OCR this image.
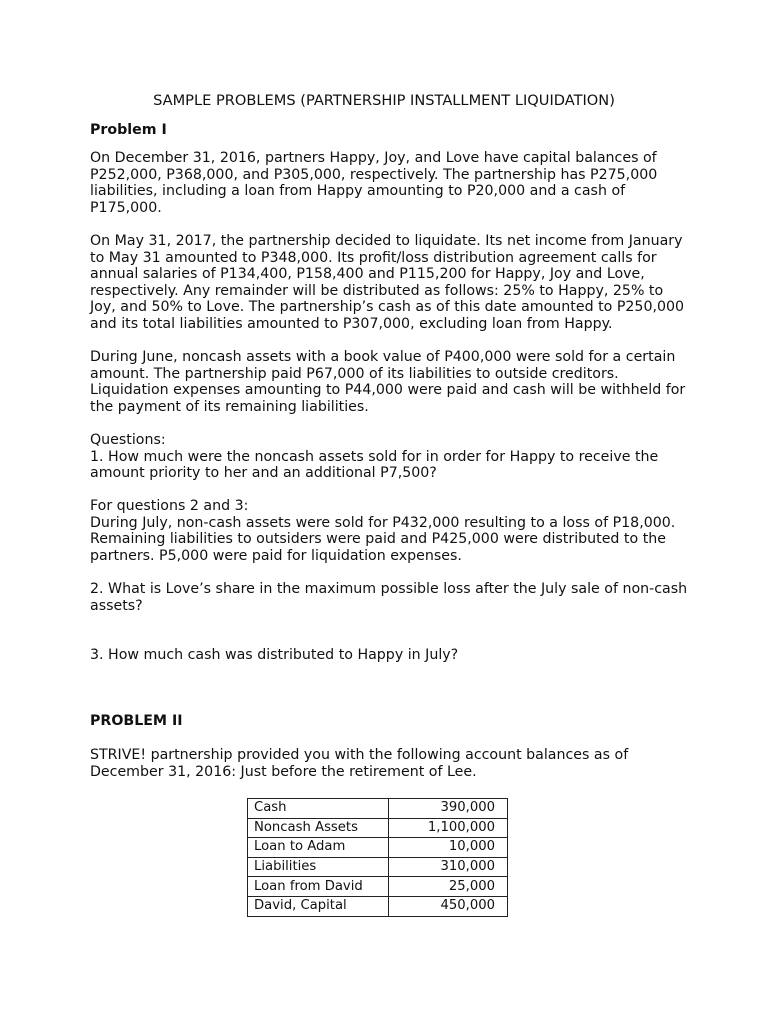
SAMPLE PROBLEMS (PARTNERSHIP INSTALLMENT LIQUIDATION)
Problem I

On December 31, 2016, partners Happy, Joy, and Love have capital balances of
P252,000, P368,000, and P305,000, respectively. The partnership has P275,000
liabilities, including a loan from Happy amounting to P20,000 and a cash of
P175,000.

On May 31, 2017, the partnership decided to liquidate. Its net income from January
to May 31 amounted to P348,000. Its profit/loss distribution agreement calls for
annual salaries of P134,400, P158,400 and P115,200 for Happy, Joy and Love,
respectively. Any remainder will be distributed as follows: 25% to Happy, 25% to
Joy, and 50% to Love. The partnership’s cash as of this date amounted to P250,000
and its total liabilities amounted to P307,000, excluding loan from Happy.

During June, noncash assets with a book value of P400,000 were sold for a certain
amount. The partnership paid P67,000 of its liabilities to outside creditors.
Liquidation expenses amounting to P44,000 were paid and cash will be withheld for
the payment of its remaining liabilities.

Questions:
1. How much were the noncash assets sold for in order for Happy to receive the
amount priority to her and an additional P7,500?

For questions 2 and 3:
During July, non-cash assets were sold for P432,000 resulting to a loss of P18,000.
Remaining liabilities to outsiders were paid and P425,000 were distributed to the
partners. P5,000 were paid for liquidation expenses.

2. What is Love’s share in the maximum possible loss after the July sale of non-cash
assets?

3. How much cash was distributed to Happy in July?

PROBLEM II

STRIVE! partnership provided you with the following account balances as of
December 31, 2016: Just before the retirement of Lee.

Cash	390,000
Noncash Assets	1,100,000
Loan to Adam	10,000
Liabilities	310,000
Loan from David	25,000
David, Capital	450,000
